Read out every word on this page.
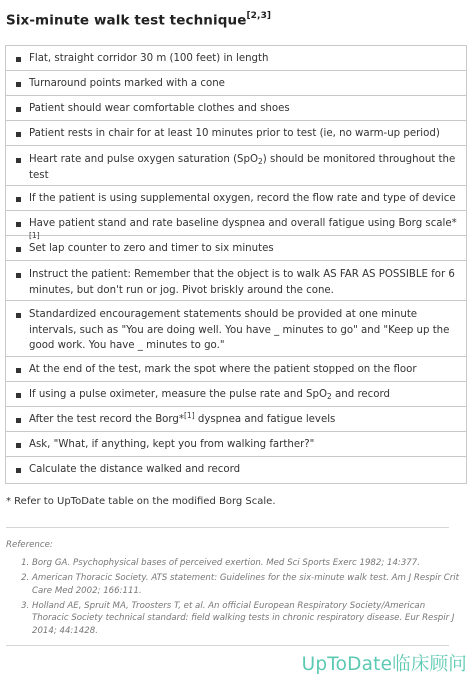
Six-minute walk test technique[2,3]
Flat, straight corridor 30 m (100 feet) in length
Turnaround points marked with a cone
Patient should wear comfortable clothes and shoes
Patient rests in chair for at least 10 minutes prior to test (ie, no warm-up period)
Heart rate and pulse oxygen saturation (SpO$_2$) should be monitored throughout the test
If the patient is using supplemental oxygen, record the flow rate and type of device
Have patient stand and rate baseline dyspnea and overall fatigue using Borg scale*[1]
Set lap counter to zero and timer to six minutes
Instruct the patient: Remember that the object is to walk AS FAR AS POSSIBLE for 6 minutes, but don't run or jog. Pivot briskly around the cone.
Standardized encouragement statements should be provided at one minute intervals, such as "You are doing well. You have _ minutes to go" and "Keep up the good work. You have _ minutes to go."
At the end of the test, mark the spot where the patient stopped on the floor
If using a pulse oximeter, measure the pulse rate and SpO$_2$ and record
After the test record the Borg*[1] dyspnea and fatigue levels
Ask, "What, if anything, kept you from walking farther?"
Calculate the distance walked and record
* Refer to UpToDate table on the modified Borg Scale.
Reference:
1. Borg GA. Psychophysical bases of perceived exertion. Med Sci Sports Exerc 1982; 14:377.
2. American Thoracic Society. ATS statement: Guidelines for the six-minute walk test. Am J Respir Crit Care Med 2002; 166:111.
3. Holland AE, Spruit MA, Troosters T, et al. An official European Respiratory Society/American Thoracic Society technical standard: field walking tests in chronic respiratory disease. Eur Respir J 2014; 44:1428.
UpToDate临床顾问
